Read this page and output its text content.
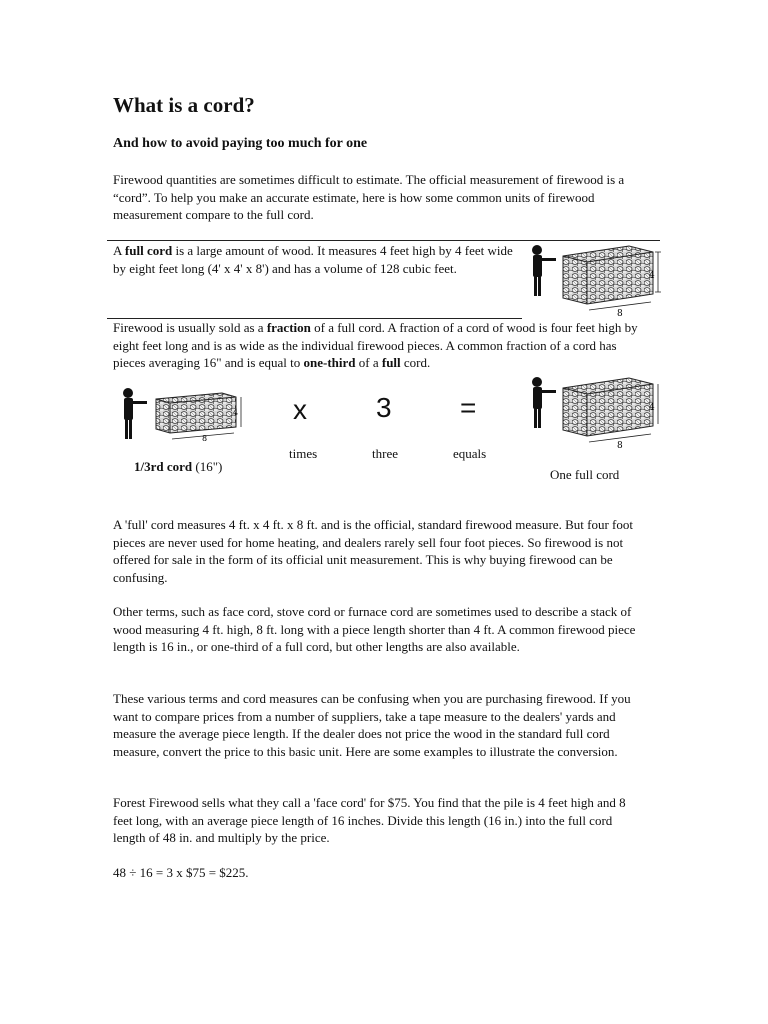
What is a cord?
And how to avoid paying too much for one

Firewood quantities are sometimes difficult to estimate. The official measurement of firewood is a “cord”. To help you make an accurate estimate, here is how some common units of firewood measurement compare to the full cord.

A full cord is a large amount of wood. It measures 4 feet high by 4 feet wide by eight feet long (4' x 4' x 8') and has a volume of 128 cubic feet.

4
8

Firewood is usually sold as a fraction of a full cord. A fraction of a cord of wood is four feet high by eight feet long and is as wide as the individual firewood pieces. A common fraction of a cord has pieces averaging 16" and is equal to one-third of a full cord.

4
8
1/3rd cord (16")
x 3 =
times	three	equals
4
8
One full cord

A 'full' cord measures 4 ft. x 4 ft. x 8 ft. and is the official, standard firewood measure. But four foot pieces are never used for home heating, and dealers rarely sell four foot pieces. So firewood is not offered for sale in the form of its official unit measurement. This is why buying firewood can be confusing.

Other terms, such as face cord, stove cord or furnace cord are sometimes used to describe a stack of wood measuring 4 ft. high, 8 ft. long with a piece length shorter than 4 ft. A common firewood piece length is 16 in., or one-third of a full cord, but other lengths are also available.

These various terms and cord measures can be confusing when you are purchasing firewood. If you want to compare prices from a number of suppliers, take a tape measure to the dealers' yards and measure the average piece length. If the dealer does not price the wood in the standard full cord measure, convert the price to this basic unit. Here are some examples to illustrate the conversion.

Forest Firewood sells what they call a 'face cord' for $75. You find that the pile is 4 feet high and 8 feet long, with an average piece length of 16 inches. Divide this length (16 in.) into the full cord length of 48 in. and multiply by the price.

48 ÷ 16 = 3 x $75 = $225.
